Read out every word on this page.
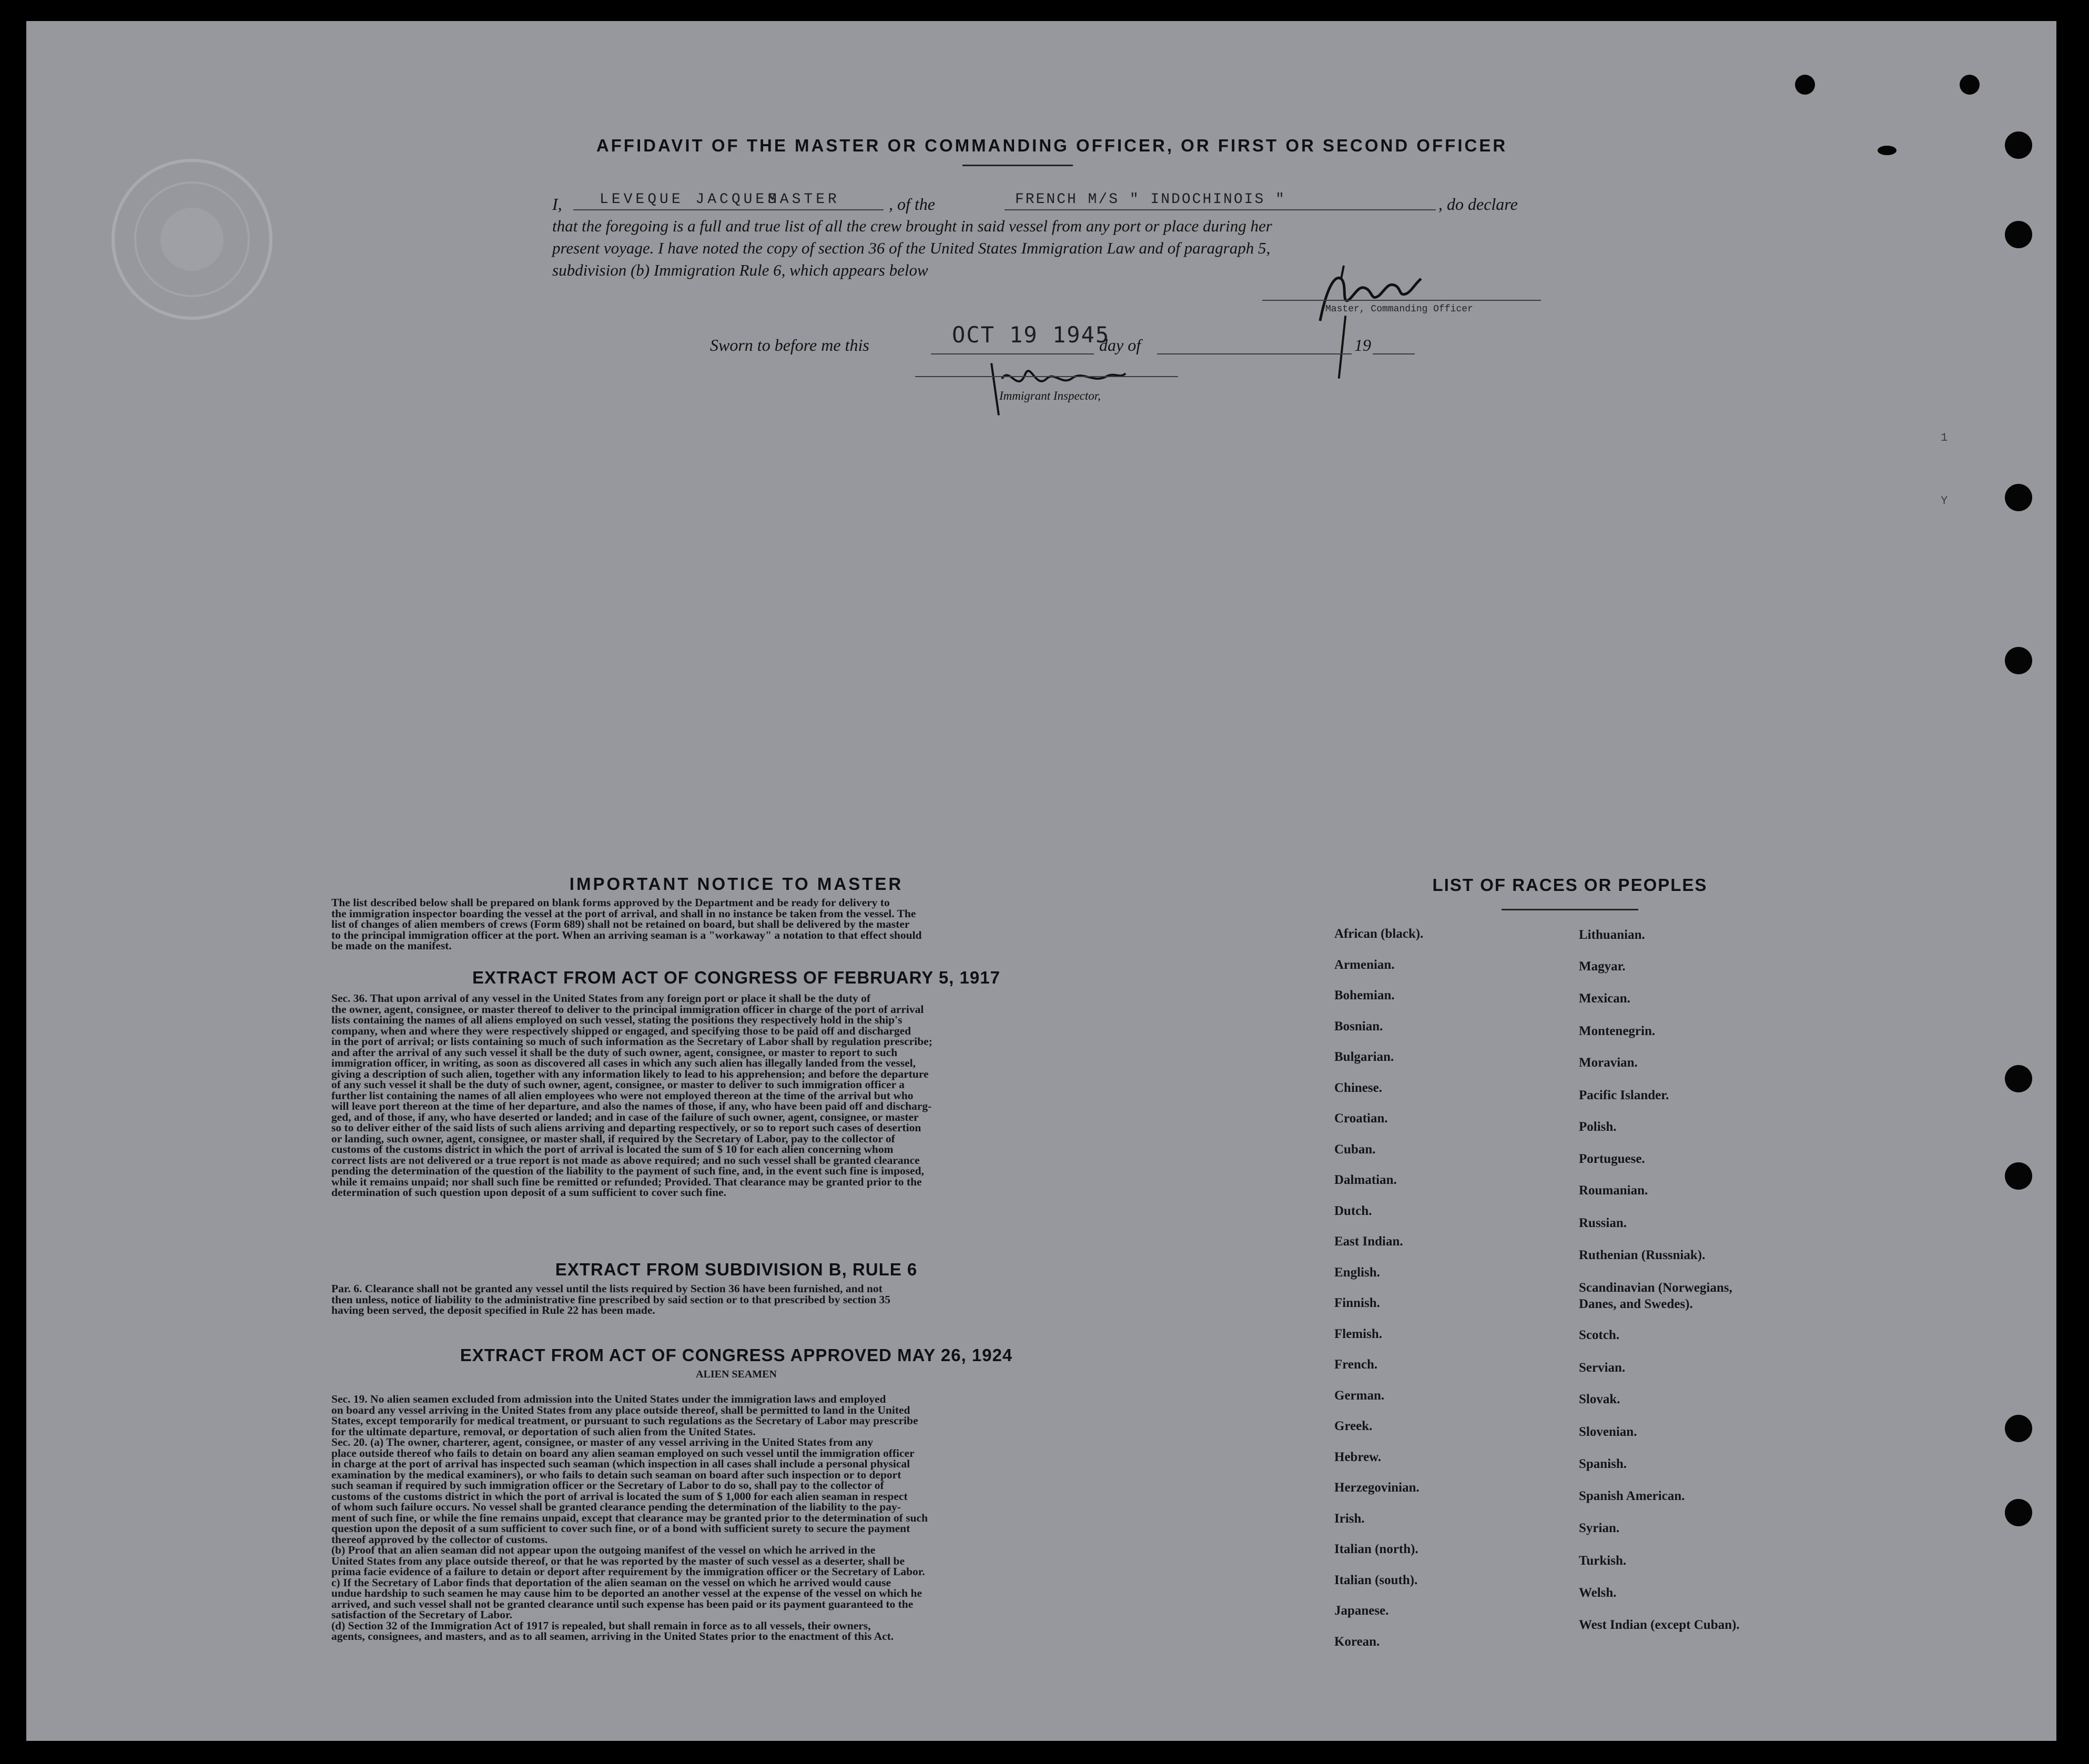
AFFIDAVIT OF THE MASTER OR COMMANDING OFFICER, OR FIRST OR SECOND OFFICER
I,	LEVEQUE JACQUES
MASTER	, of the	FRENCH M/S " INDOCHINOIS "	, do declare
that the foregoing is a full and true list of all the crew brought in said vessel from any port or place during her
present voyage. I have noted the copy of section 36 of the United States Immigration Law and of paragraph 5,
subdivision (b) Immigration Rule 6, which appears below
Master, Commanding Officer
Sworn to before me this	OCT 19 1945
day of	19
Immigrant Inspector,
1
Y
IMPORTANT NOTICE TO MASTER

The list described below shall be prepared on blank forms approved by the Department and be ready for delivery to

the immigration inspector boarding the vessel at the port of arrival, and shall in no instance be taken from the vessel. The

list of changes of alien members of crews (Form 689) shall not be retained on board, but shall be delivered by the master

to the principal immigration officer at the port. When an arriving seaman is a "workaway" a notation to that effect should

be made on the manifest.

EXTRACT FROM ACT OF CONGRESS OF FEBRUARY 5, 1917

Sec. 36. That upon arrival of any vessel in the United States from any foreign port or place it shall be the duty of

the owner, agent, consignee, or master thereof to deliver to the principal immigration officer in charge of the port of arrival

lists containing the names of all aliens employed on such vessel, stating the positions they respectively hold in the ship's

company, when and where they were respectively shipped or engaged, and specifying those to be paid off and discharged

in the port of arrival; or lists containing so much of such information as the Secretary of Labor shall by regulation prescribe;

and after the arrival of any such vessel it shall be the duty of such owner, agent, consignee, or master to report to such

immigration officer, in writing, as soon as discovered all cases in which any such alien has illegally landed from the vessel,

giving a description of such alien, together with any information likely to lead to his apprehension; and before the departure

of any such vessel it shall be the duty of such owner, agent, consignee, or master to deliver to such immigration officer a

further list containing the names of all alien employees who were not employed thereon at the time of the arrival but who

will leave port thereon at the time of her departure, and also the names of those, if any, who have been paid off and discharg-

ged, and of those, if any, who have deserted or landed; and in case of the failure of such owner, agent, consignee, or master

so to deliver either of the said lists of such aliens arriving and departing respectively, or so to report such cases of desertion

or landing, such owner, agent, consignee, or master shall, if required by the Secretary of Labor, pay to the collector of

customs of the customs district in which the port of arrival is located the sum of $ 10 for each alien concerning whom

correct lists are not delivered or a true report is not made as above required; and no such vessel shall be granted clearance

pending the determination of the question of the liability to the payment of such fine, and, in the event such fine is imposed,

while it remains unpaid; nor shall such fine be remitted or refunded; Provided. That clearance may be granted prior to the

determination of such question upon deposit of a sum sufficient to cover such fine.

EXTRACT FROM SUBDIVISION B, RULE 6

Par. 6. Clearance shall not be granted any vessel until the lists required by Section 36 have been furnished, and not

then unless, notice of liability to the administrative fine prescribed by said section or to that prescribed by section 35

having been served, the deposit specified in Rule 22 has been made.

EXTRACT FROM ACT OF CONGRESS APPROVED MAY 26, 1924
ALIEN SEAMEN

Sec. 19. No alien seamen excluded from admission into the United States under the immigration laws and employed

on board any vessel arriving in the United States from any place outside thereof, shall be permitted to land in the United

States, except temporarily for medical treatment, or pursuant to such regulations as the Secretary of Labor may prescribe

for the ultimate departure, removal, or deportation of such alien from the United States.

Sec. 20. (a) The owner, charterer, agent, consignee, or master of any vessel arriving in the United States from any

place outside thereof who fails to detain on board any alien seaman employed on such vessel until the immigration officer

in charge at the port of arrival has inspected such seaman (which inspection in all cases shall include a personal physical

examination by the medical examiners), or who fails to detain such seaman on board after such inspection or to deport

such seaman if required by such immigration officer or the Secretary of Labor to do so, shall pay to the collector of

customs of the customs district in which the port of arrival is located the sum of $ 1,000 for each alien seaman in respect

of whom such failure occurs. No vessel shall be granted clearance pending the determination of the liability to the pay-

ment of such fine, or while the fine remains unpaid, except that clearance may be granted prior to the determination of such

question upon the deposit of a sum sufficient to cover such fine, or of a bond with sufficient surety to secure the payment

thereof approved by the collector of customs.

(b) Proof that an alien seaman did not appear upon the outgoing manifest of the vessel on which he arrived in the

United States from any place outside thereof, or that he was reported by the master of such vessel as a deserter, shall be

prima facie evidence of a failure to detain or deport after requirement by the immigration officer or the Secretary of Labor.

c) If the Secretary of Labor finds that deportation of the alien seaman on the vessel on which he arrived would cause

undue hardship to such seamen he may cause him to be deported an another vessel at the expense of the vessel on which he

arrived, and such vessel shall not be granted clearance until such expense has been paid or its payment guaranteed to the

satisfaction of the Secretary of Labor.

(d) Section 32 of the Immigration Act of 1917 is repealed, but shall remain in force as to all vessels, their owners,

agents, consignees, and masters, and as to all seamen, arriving in the United States prior to the enactment of this Act.

LIST OF RACES OR PEOPLES
African (black).
Armenian.
Bohemian.
Bosnian.
Bulgarian.
Chinese.
Croatian.
Cuban.
Dalmatian.
Dutch.
East Indian.
English.
Finnish.
Flemish.
French.
German.
Greek.
Hebrew.
Herzegovinian.
Irish.
Italian (north).
Italian (south).
Japanese.
Korean.
Lithuanian.
Magyar.
Mexican.
Montenegrin.
Moravian.
Pacific Islander.
Polish.
Portuguese.
Roumanian.
Russian.
Ruthenian (Russniak).
Scandinavian (Norwegians, Danes, and Swedes).
Scotch.
Servian.
Slovak.
Slovenian.
Spanish.
Spanish American.
Syrian.
Turkish.
Welsh.
West Indian (except Cuban).
